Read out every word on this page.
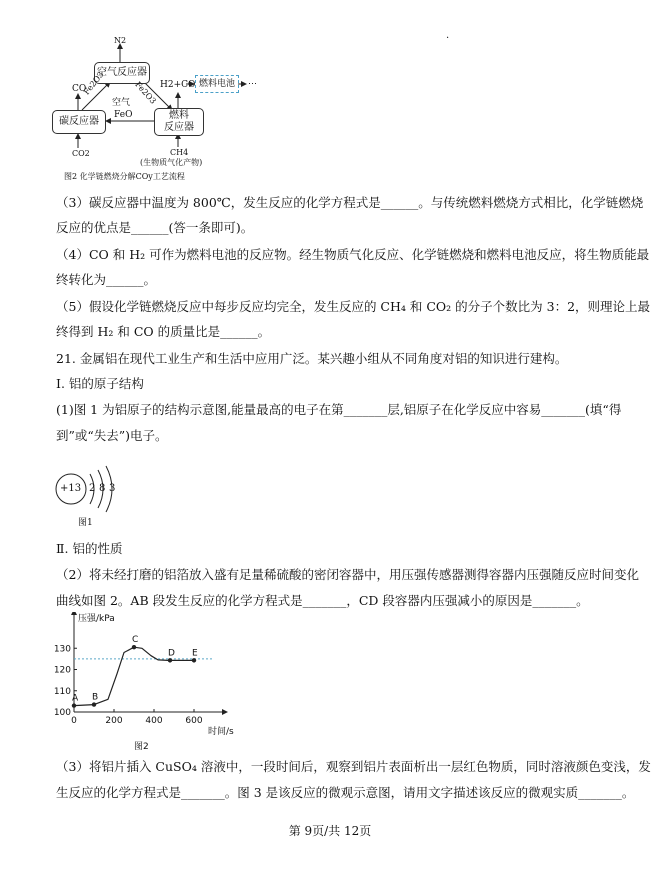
.
N2
空气反应器
CO
Fe2O3	Fe2O3
空气
FeO
碳反应器
燃料
反应器
H2+CO 燃料电池	⋯
CO2	CH4
(生物质气化产物)
图2 化学链燃烧分解COy工艺流程
（3）碳反应器中温度为 800℃，发生反应的化学方程式是______。与传统燃料燃烧方式相比，化学链燃烧
反应的优点是______(答一条即可)。
（4）CO 和 H₂ 可作为燃料电池的反应物。经生物质气化反应、化学链燃烧和燃料电池反应，将生物质能最
终转化为______。
（5）假设化学链燃烧反应中每步反应均完全，发生反应的 CH₄ 和 CO₂ 的分子个数比为 3：2，则理论上最
终得到 H₂ 和 CO 的质量比是______。
21. 金属铝在现代工业生产和生活中应用广泛。某兴趣小组从不同角度对铝的知识进行建构。
Ⅰ. 铝的原子结构
(1)图 1 为铝原子的结构示意图,能量最高的电子在第_______层,铝原子在化学反应中容易_______(填“得
到”或“失去”)电子。
+13 2 8 3
图1
Ⅱ. 铝的性质
（2）将未经打磨的铝箔放入盛有足量稀硫酸的密闭容器中，用压强传感器测得容器内压强随反应时间变化
曲线如图 2。AB 段发生反应的化学方程式是_______，CD 段容器内压强减小的原因是_______。
压强/kPa
时间/s
100
110
120
130
0	200	400	600
A B
C
D E
图2
（3）将铝片插入 CuSO₄ 溶液中，一段时间后，观察到铝片表面析出一层红色物质，同时溶液颜色变浅，发
生反应的化学方程式是_______。图 3 是该反应的微观示意图，请用文字描述该反应的微观实质_______。
第 9页/共 12页
